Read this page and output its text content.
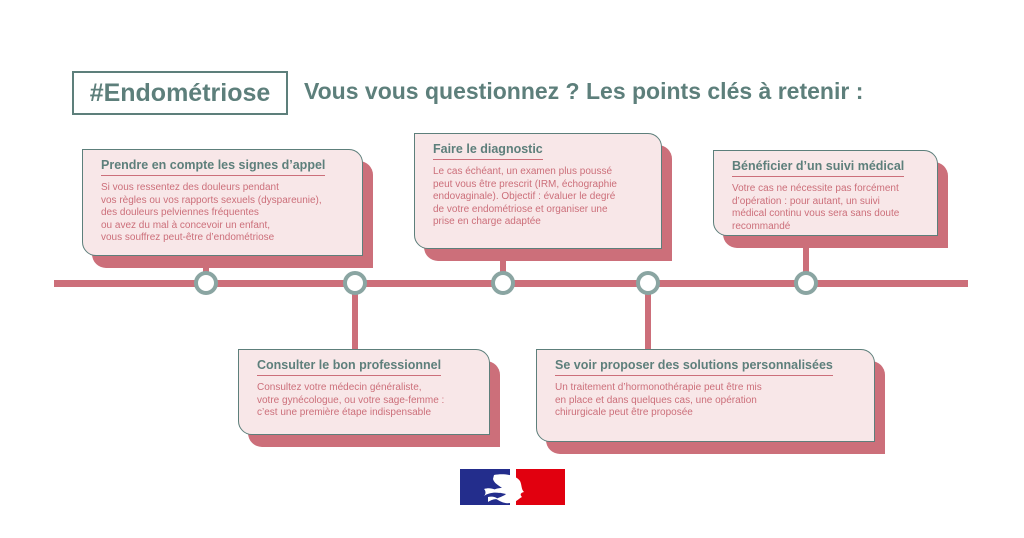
#Endométriose Vous vous questionnez ? Les points clés à retenir :
Prendre en compte les signes d’appel
Si vous ressentez des douleurs pendant
vos règles ou vos rapports sexuels (dyspareunie),
des douleurs pelviennes fréquentes
ou avez du mal à concevoir un enfant,
vous souffrez peut-être d’endométriose
Consulter le bon professionnel
Consultez votre médecin généraliste,
votre gynécologue, ou votre sage-femme :
c’est une première étape indispensable
Faire le diagnostic
Le cas échéant, un examen plus poussé
peut vous être prescrit (IRM, échographie
endovaginale). Objectif : évaluer le degré
de votre endométriose et organiser une
prise en charge adaptée
Se voir proposer des solutions personnalisées
Un traitement d’hormonothérapie peut être mis
en place et dans quelques cas, une opération
chirurgicale peut être proposée
Bénéficier d’un suivi médical
Votre cas ne nécessite pas forcément
d’opération : pour autant, un suivi
médical continu vous sera sans doute
recommandé
